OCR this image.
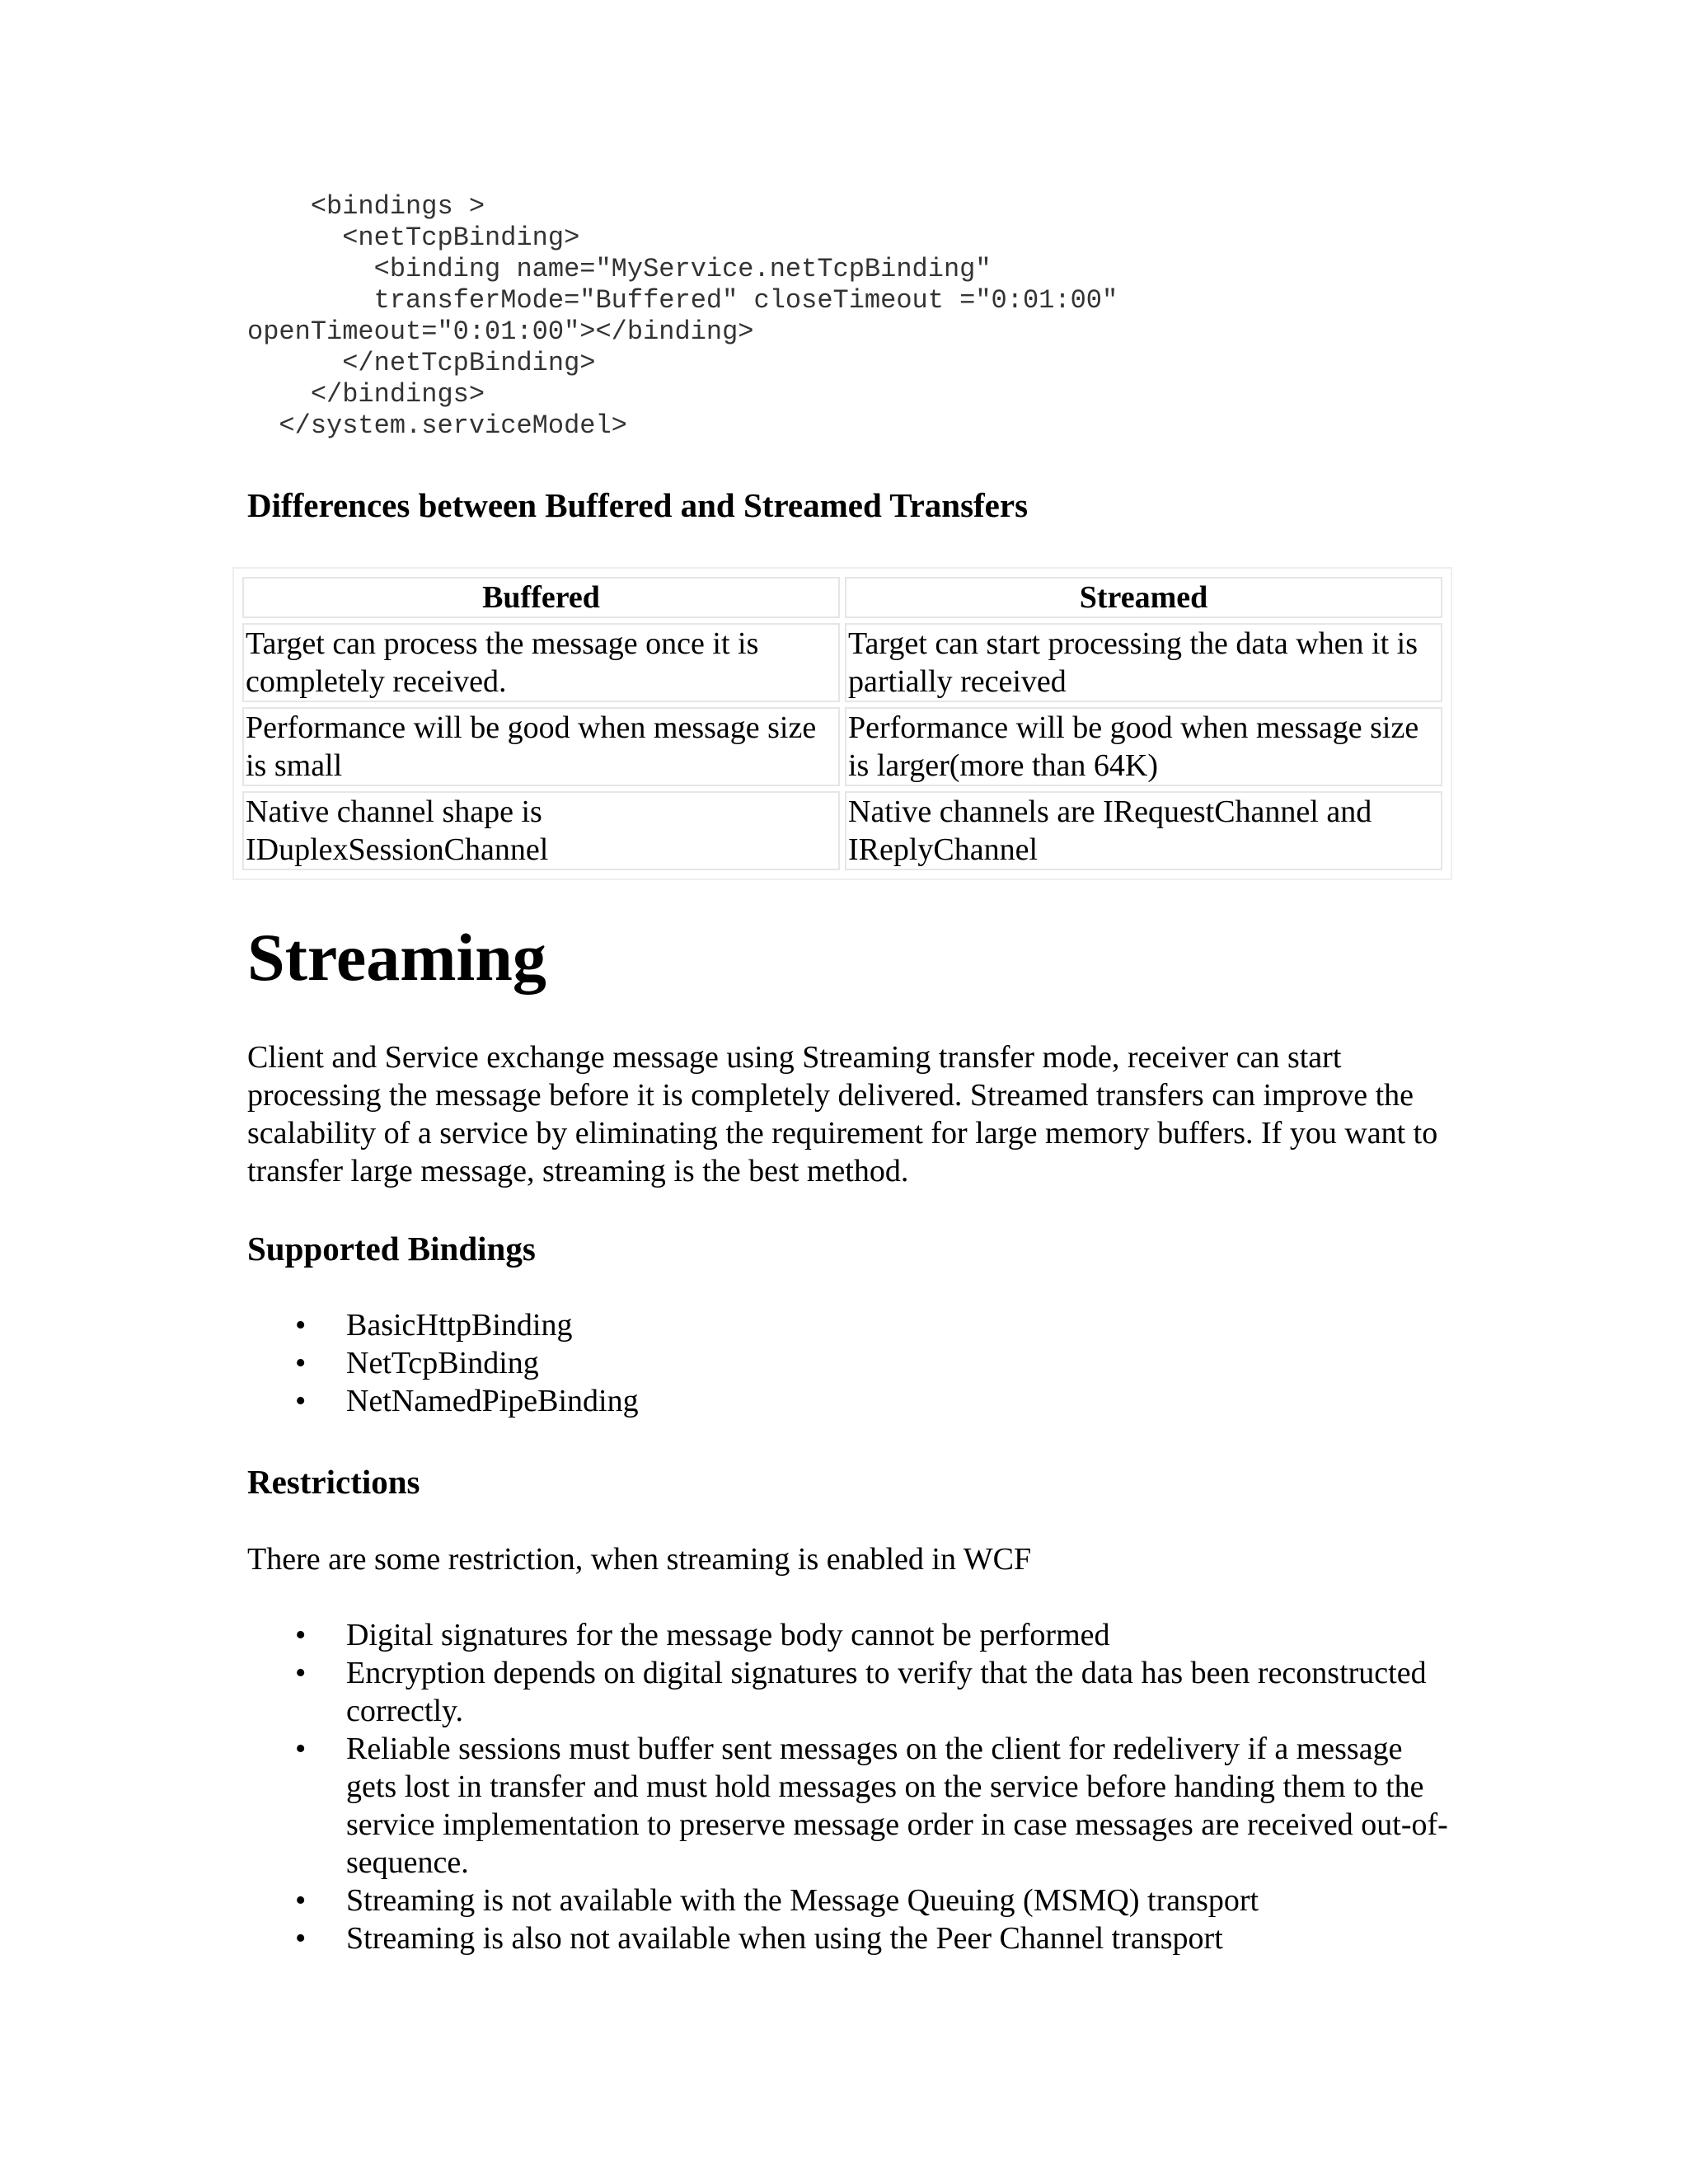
<bindings >
<netTcpBinding>
<binding name="MyService.netTcpBinding"
transferMode="Buffered" closeTimeout ="0:01:00"
openTimeout="0:01:00"></binding>
</netTcpBinding>
</bindings>
</system.serviceModel>
Differences between Buffered and Streamed Transfers
Buffered	Streamed
Target can process the message once it is completely received.	Target can start processing the data when it is partially received
Performance will be good when message size is small	Performance will be good when message size is larger(more than 64K)
Native channel shape is IDuplexSessionChannel	Native channels are IRequestChannel and IReplyChannel
Streaming

Client and Service exchange message using Streaming transfer mode, receiver can start processing the message before it is completely delivered. Streamed transfers can improve the scalability of a service by eliminating the requirement for large memory buffers. If you want to transfer large message, streaming is the best method.

Supported Bindings
• BasicHttpBinding
• NetTcpBinding
• NetNamedPipeBinding
Restrictions

There are some restriction, when streaming is enabled in WCF

• Digital signatures for the message body cannot be performed
• Encryption depends on digital signatures to verify that the data has been reconstructed correctly.
• Reliable sessions must buffer sent messages on the client for redelivery if a message gets lost in transfer and must hold messages on the service before handing them to the service implementation to preserve message order in case messages are received out-of-sequence.
• Streaming is not available with the Message Queuing (MSMQ) transport
• Streaming is also not available when using the Peer Channel transport
